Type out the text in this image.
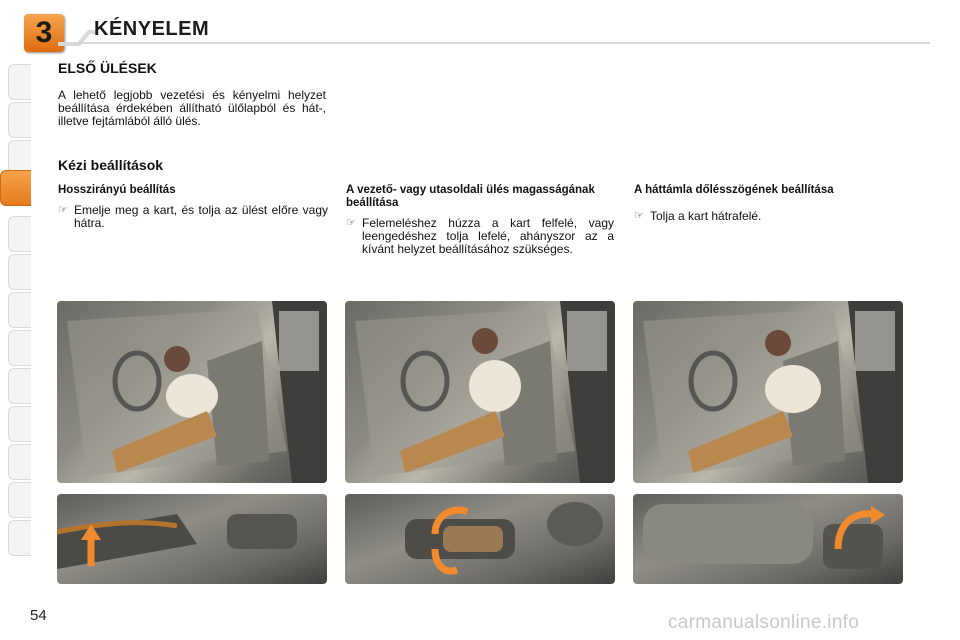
3	KÉNYELEM
ELSŐ ÜLÉSEK
A lehető legjobb vezetési és kényelmi helyzet beállítása érdekében állítható ülőlapból és hát-, illetve fejtámlából álló ülés.
Kézi beállítások
Hosszirányú beállítás
☞ Emelje meg a kart, és tolja az ülést előre vagy hátra.
A vezető- vagy utasoldali ülés magasságának beállítása
☞ Felemeléshez húzza a kart felfelé, vagy leengedéshez tolja lefelé, ahányszor az a kívánt helyzet beállításához szükséges.
A háttámla dőlésszögének beállítása
☞ Tolja a kart hátrafelé.
54	carmanualsonline.info
